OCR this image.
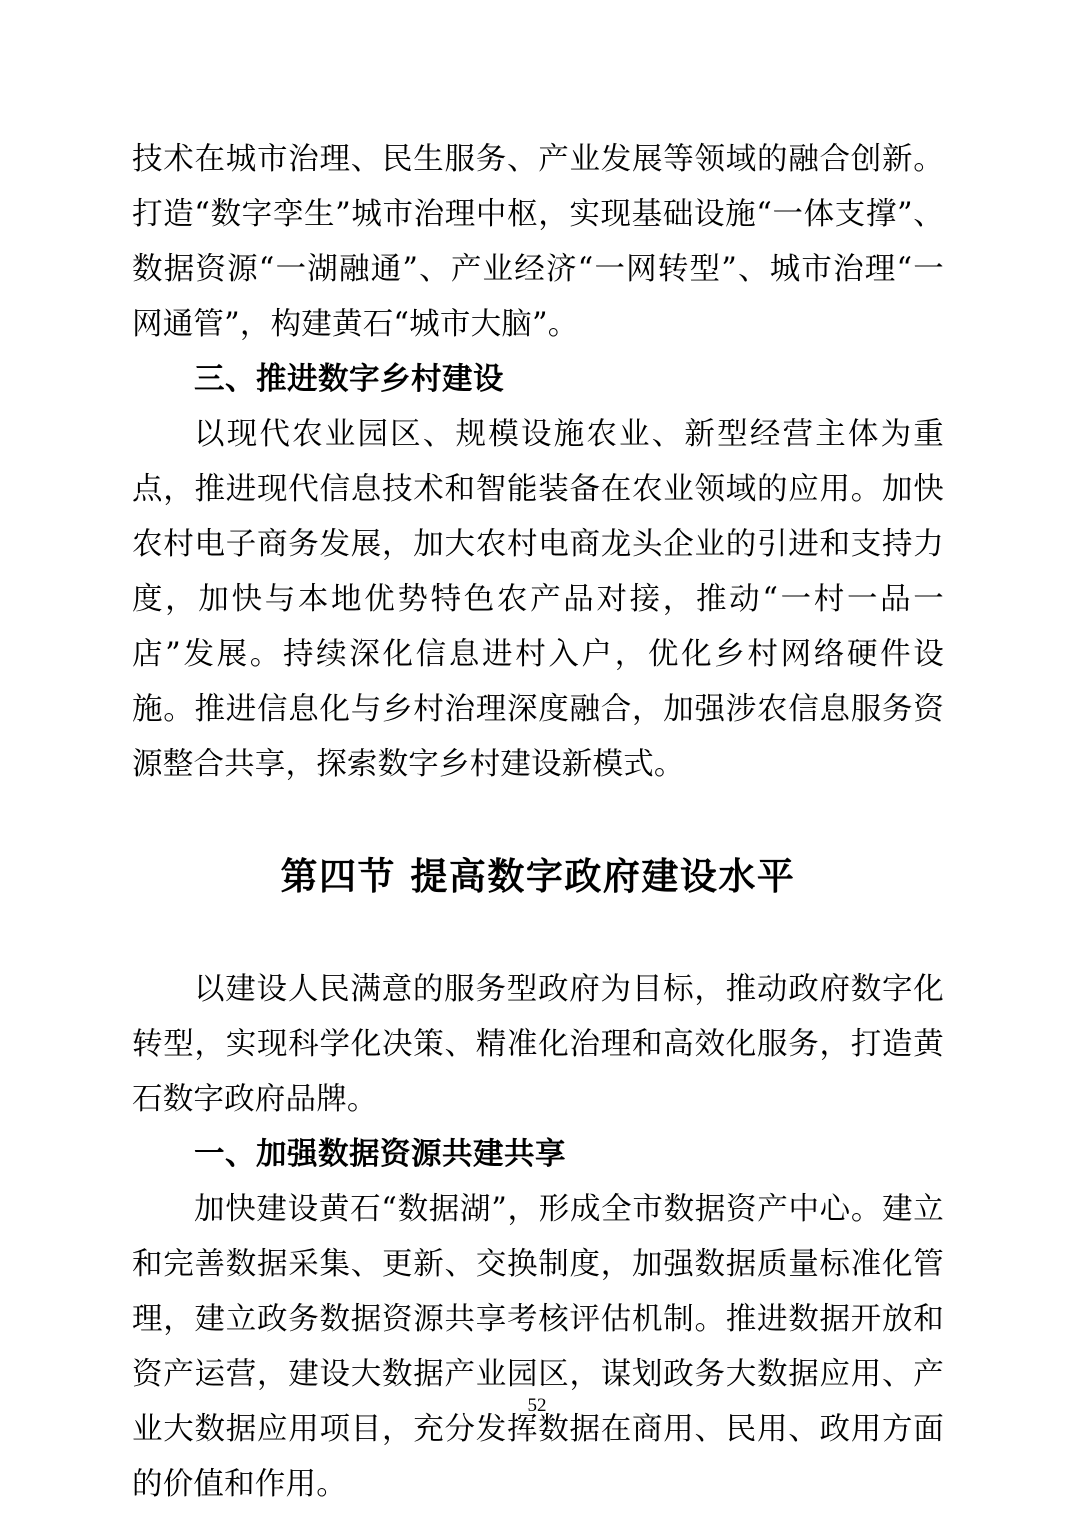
技术在城市治理、民生服务、产业发展等领域的融合创新。打造“数字孪生”城市治理中枢，实现基础设施“一体支撑”、数据资源“一湖融通”、产业经济“一网转型”、城市治理“一网通管”，构建黄石“城市大脑”。

三、推进数字乡村建设

以现代农业园区、规模设施农业、新型经营主体为重点，推进现代信息技术和智能装备在农业领域的应用。加快农村电子商务发展，加大农村电商龙头企业的引进和支持力度，加快与本地优势特色农产品对接，推动“一村一品一店”发展。持续深化信息进村入户，优化乡村网络硬件设施。推进信息化与乡村治理深度融合，加强涉农信息服务资源整合共享，探索数字乡村建设新模式。

第四节 提高数字政府建设水平

以建设人民满意的服务型政府为目标，推动政府数字化转型，实现科学化决策、精准化治理和高效化服务，打造黄石数字政府品牌。

一、加强数据资源共建共享

加快建设黄石“数据湖”，形成全市数据资产中心。建立和完善数据采集、更新、交换制度，加强数据质量标准化管理，建立政务数据资源共享考核评估机制。推进数据开放和资产运营，建设大数据产业园区，谋划政务大数据应用、产业大数据应用项目，充分发挥数据在商用、民用、政用方面的价值和作用。

52
